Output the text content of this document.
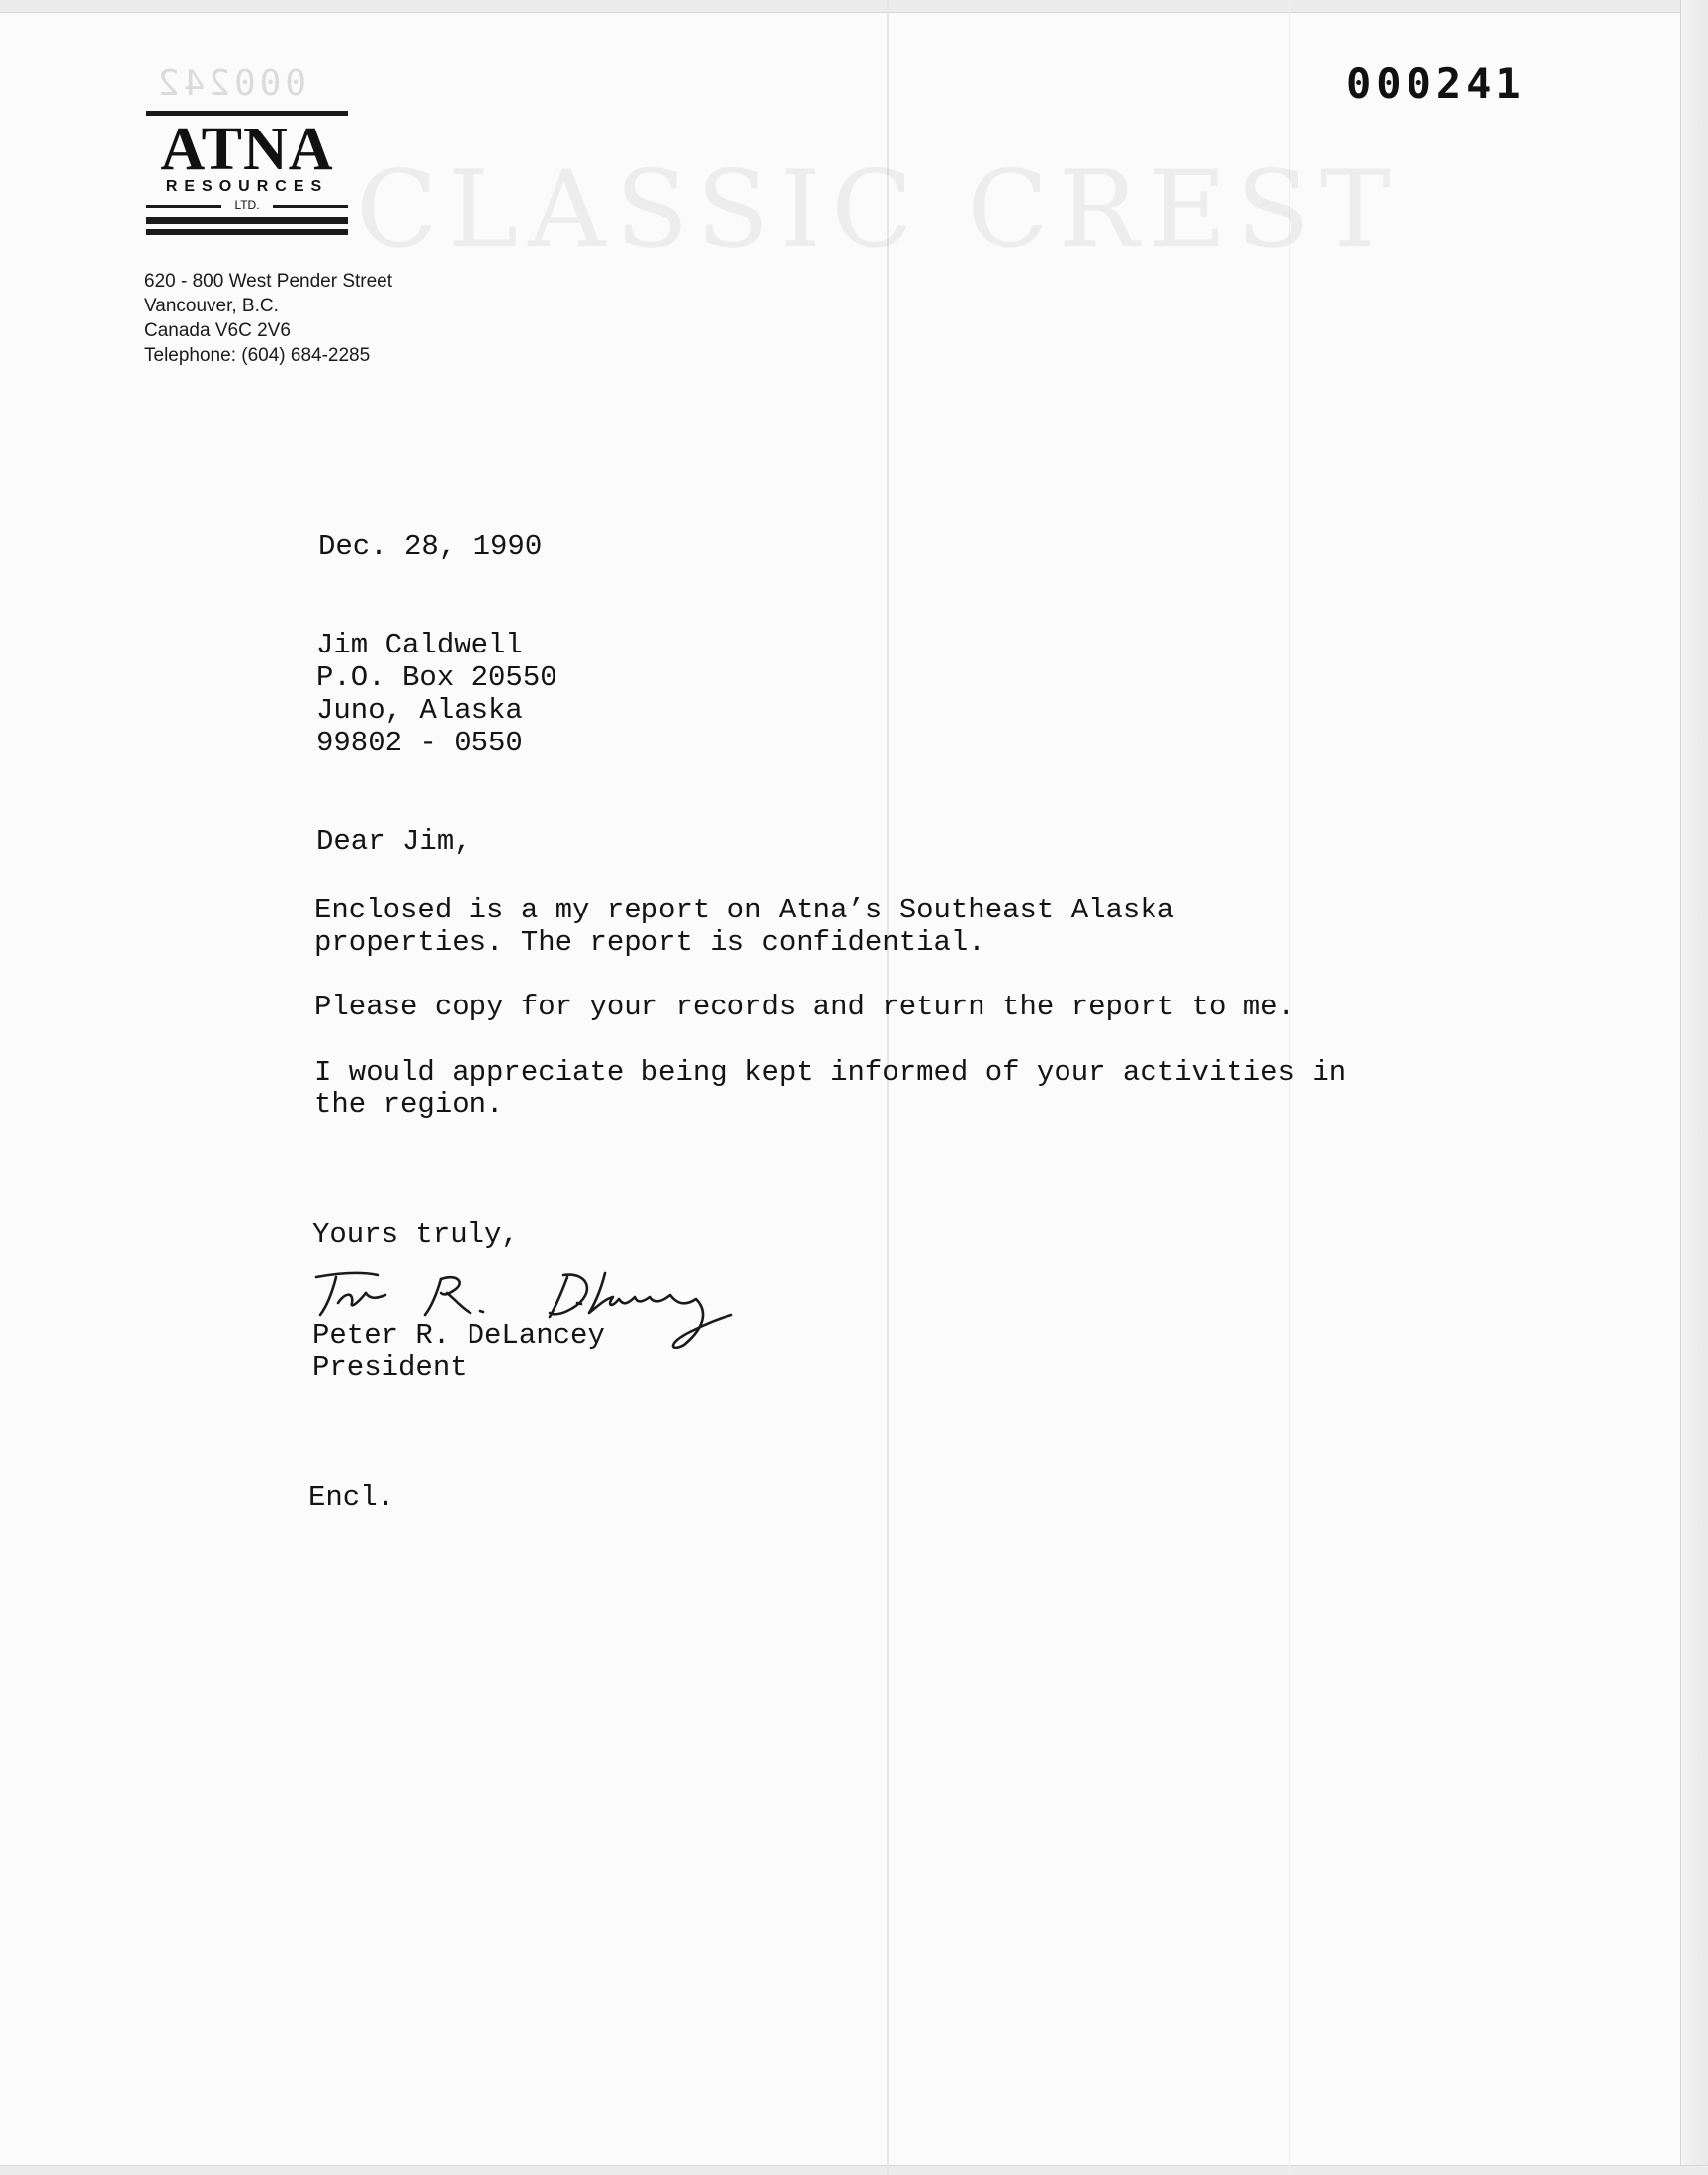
CLASSIC CREST
000242	000241
ATNA
RESOURCES
LTD.
620 - 800 West Pender Street
Vancouver, B.C.
Canada V6C 2V6
Telephone: (604) 684-2285
Dec. 28, 1990
Jim Caldwell
P.O. Box 20550
Juno, Alaska
99802 - 0550
Dear Jim,
Enclosed is a my report on Atna’s Southeast Alaska
properties. The report is confidential.
Please copy for your records and return the report to me.
I would appreciate being kept informed of your activities in
the region.
Yours truly,
Peter R. DeLancey
President
Encl.
